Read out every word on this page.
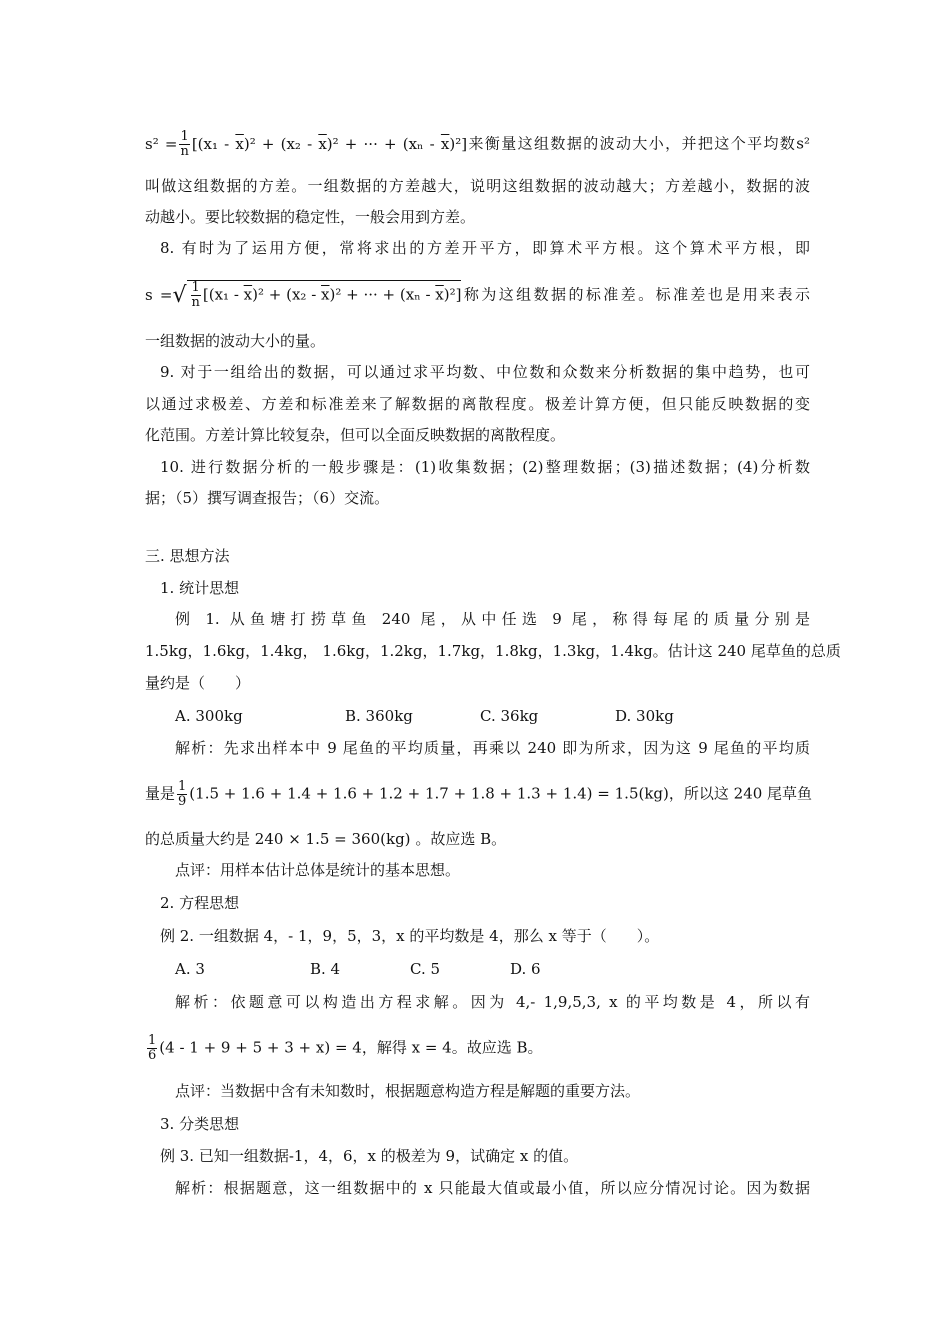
$s^2 = \frac{1}{n} [(x_1 - \overline{x})^2 + (x_2 - \overline{x})^2$ + ··· + $(x_n - \overline{x})^2$]来衡量这组数据的波动大小，并把这个平均数s²
叫做这组数据的方差。一组数据的方差越大，说明这组数据的波动越大；方差越小，数据的波
动越小。要比较数据的稳定性，一般会用到方差。
8. 有时为了运用方便，常将求出的方差开平方，即算术平方根。这个算术平方根，即
s =√ $\frac{1}{n} [(x_1 - \overline{x})^2 + (x_2 - \overline{x})^2$ + ··· + $(x_n - \overline{x})^2$]称为这组数据的标准差。标准差也是用来表示
一组数据的波动大小的量。
9. 对于一组给出的数据，可以通过求平均数、中位数和众数来分析数据的集中趋势，也可
以通过求极差、方差和标准差来了解数据的离散程度。极差计算方便，但只能反映数据的变
化范围。方差计算比较复杂，但可以全面反映数据的离散程度。
10. 进行数据分析的一般步骤是：(1)收集数据；(2)整理数据；(3)描述数据；(4)分析数
据；（5）撰写调查报告；（6）交流。
三. 思想方法
1. 统计思想
例 1. 从鱼塘打捞草鱼 240 尾，从中任选 9 尾，称得每尾的质量分别是
1.5kg，1.6kg，1.4kg， 1.6kg，1.2kg，1.7kg，1.8kg，1.3kg，1.4kg。估计这 240 尾草鱼的总质
量约是（　　）
A. 300kg	B. 360kg	C. 36kg	D. 30kg
解析：先求出样本中 9 尾鱼的平均质量，再乘以 240 即为所求，因为这 9 尾鱼的平均质
量是 $\frac{1}{9} (1.5 + 1.6 + 1.4 + 1.6 + 1.2 + 1.7 + 1.8 + 1.3 + 1.4) = 1.5(kg)$，所以这 240 尾草鱼
的总质量大约是 240 × 1.5 = 360(kg) 。故应选 B。
点评：用样本估计总体是统计的基本思想。
2. 方程思想
例 2. 一组数据 4，- 1，9，5，3，x 的平均数是 4，那么 x 等于（　　）。
A. 3	B. 4	C. 5	D. 6
解析：依题意可以构造出方程求解。因为 4,- 1,9,5,3, x 的平均数是 4，所以有
$\frac{1}{6} (4 - 1 + 9 + 5 + 3 + x) = 4$，解得 x = 4。故应选 B。
点评：当数据中含有未知数时，根据题意构造方程是解题的重要方法。
3. 分类思想
例 3. 已知一组数据-1，4，6，x 的极差为 9，试确定 x 的值。
解析：根据题意，这一组数据中的 x 只能最大值或最小值，所以应分情况讨论。因为数据
